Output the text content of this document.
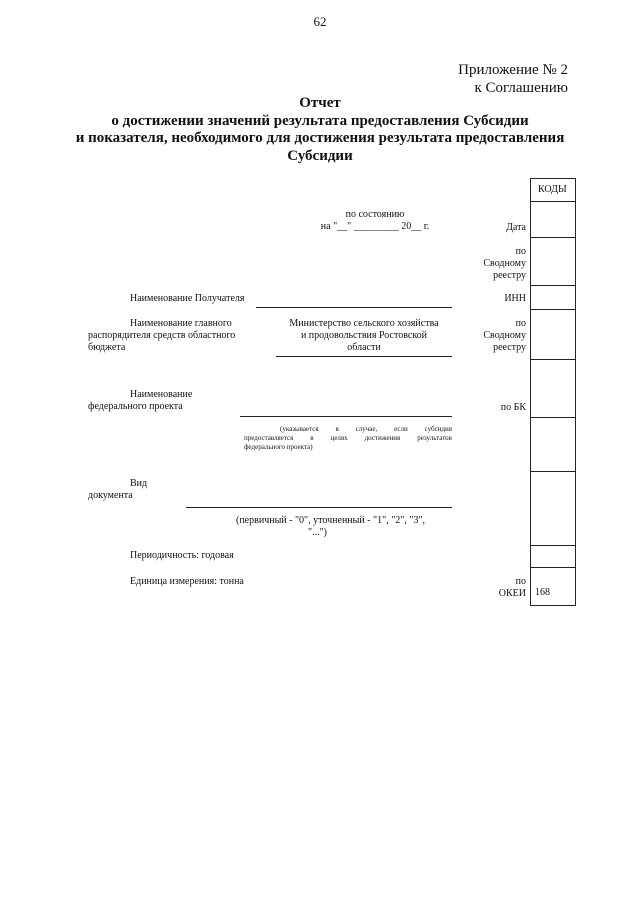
62
Приложение № 2
к Соглашению
Отчет
о достижении значений результата предоставления Субсидии
и показателя, необходимого для достижения результата предоставления
Субсидии
КОДЫ
168
по состоянию
на "__" _________ 20__ г.	Дата
по
Сводному
реестру
ИНН
по
Сводному
реестру
по БК
по
ОКЕИ
Наименование Получателя
Наименование главного
распорядителя средств областного
бюджета
Министерство сельского хозяйства
и продовольствия Ростовской
области
Наименование
федерального проекта
(указывается в случае, если субсидия
предоставляется в целях достижения результатов
федерального проекта)
Вид
документа
(первичный - "0", уточненный - "1", "2", "3",
"...")
Периодичность: годовая
Единица измерения: тонна
